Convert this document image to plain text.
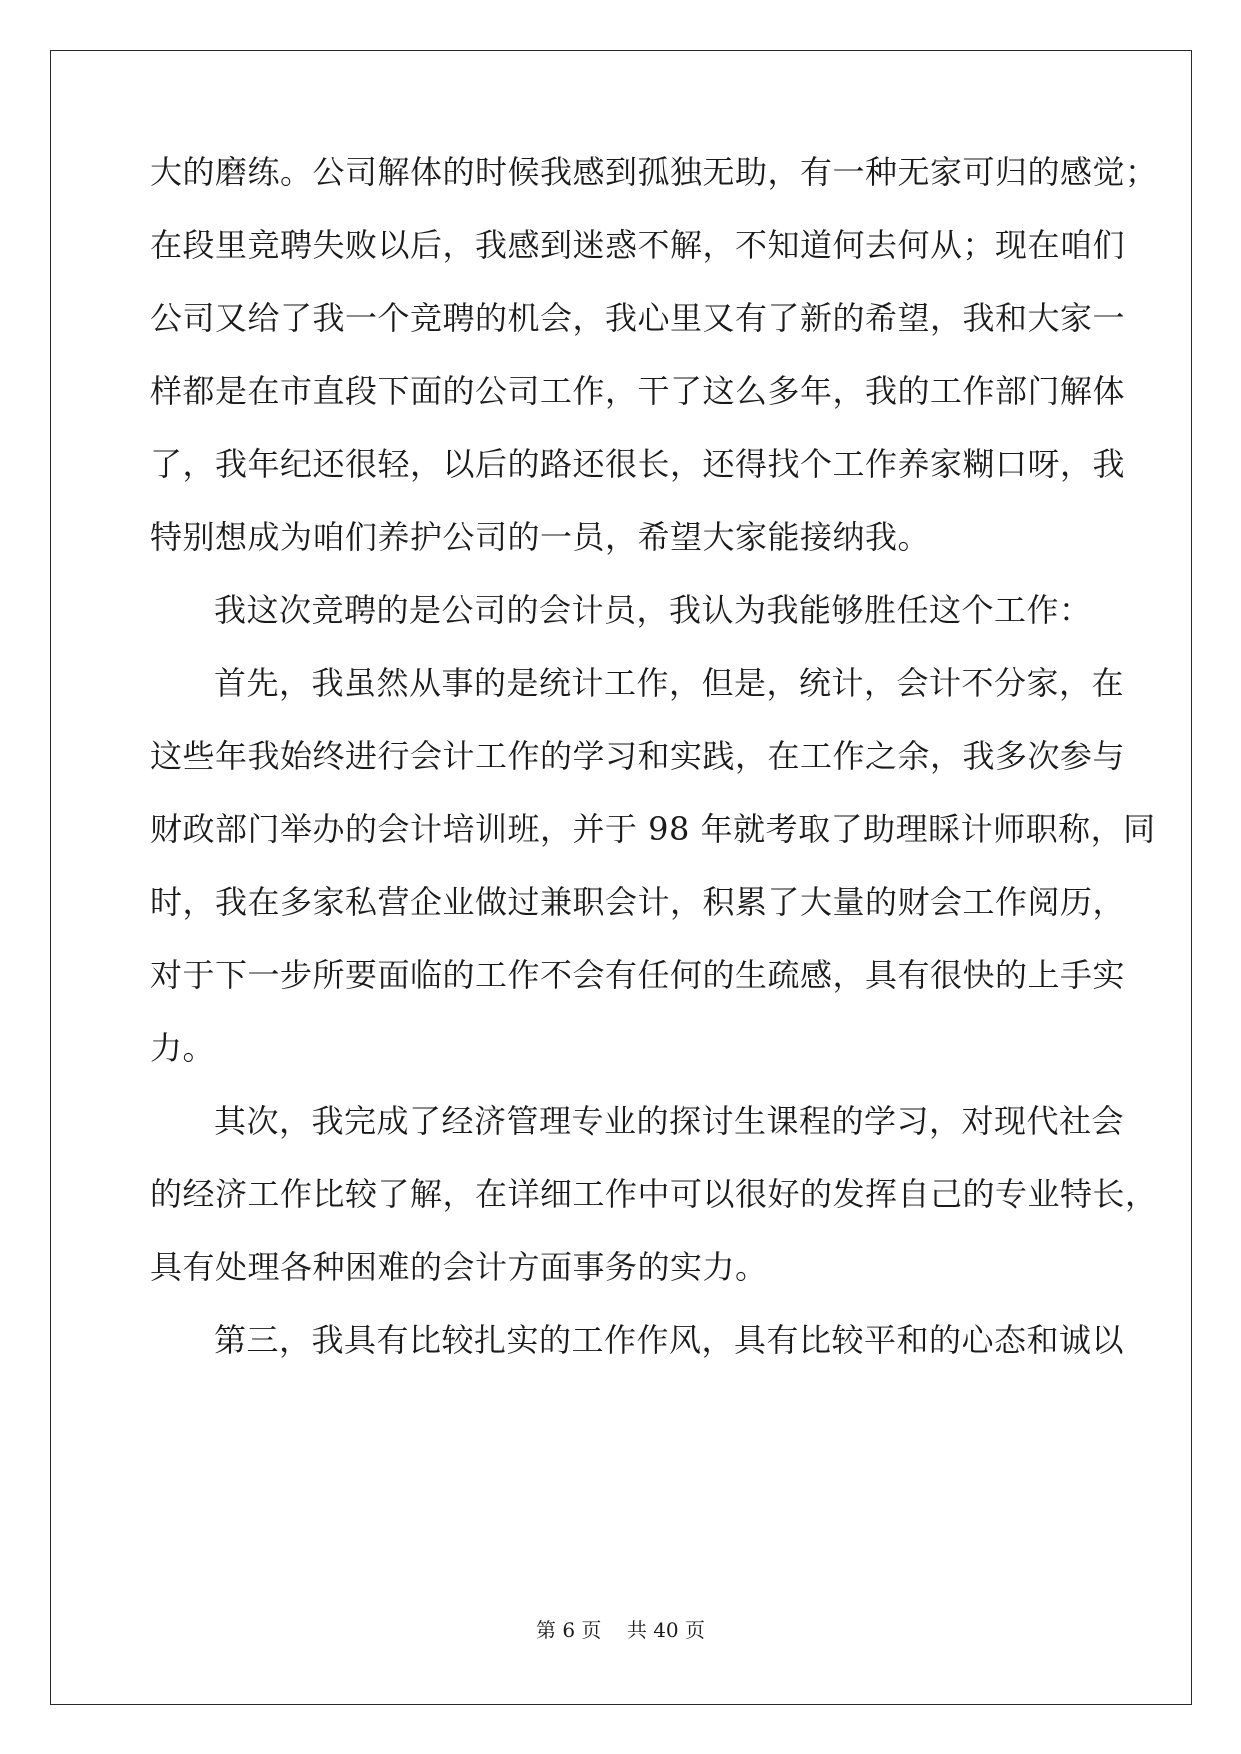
大的磨练。公司解体的时候我感到孤独无助，有一种无家可归的感觉；
在段里竞聘失败以后，我感到迷惑不解，不知道何去何从；现在咱们
公司又给了我一个竞聘的机会，我心里又有了新的希望，我和大家一
样都是在市直段下面的公司工作，干了这么多年，我的工作部门解体
了，我年纪还很轻，以后的路还很长，还得找个工作养家糊口呀，我
特别想成为咱们养护公司的一员，希望大家能接纳我。
我这次竞聘的是公司的会计员，我认为我能够胜任这个工作：
首先，我虽然从事的是统计工作，但是，统计，会计不分家，在
这些年我始终进行会计工作的学习和实践，在工作之余，我多次参与
财政部门举办的会计培训班，并于 98 年就考取了助理睬计师职称，同
时，我在多家私营企业做过兼职会计，积累了大量的财会工作阅历，
对于下一步所要面临的工作不会有任何的生疏感，具有很快的上手实
力。
其次，我完成了经济管理专业的探讨生课程的学习，对现代社会
的经济工作比较了解，在详细工作中可以很好的发挥自己的专业特长，
具有处理各种困难的会计方面事务的实力。
第三，我具有比较扎实的工作作风，具有比较平和的心态和诚以
第 6 页    共 40 页
